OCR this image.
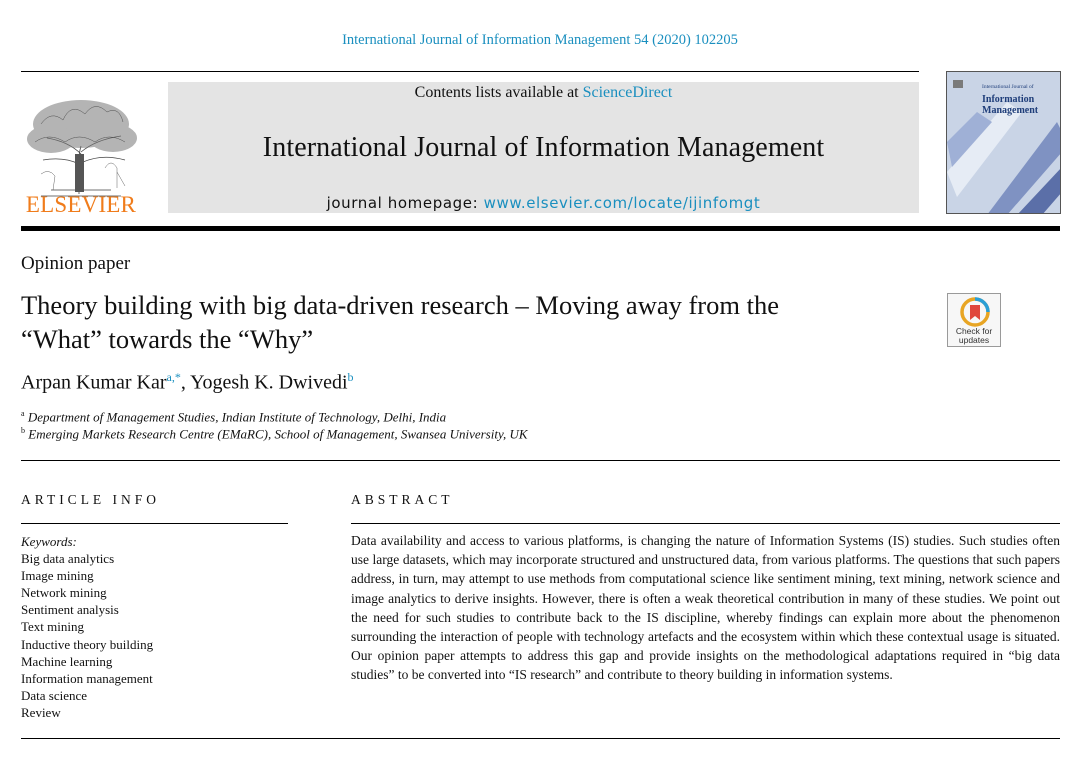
International Journal of Information Management 54 (2020) 102205
ELSEVIER
Contents lists available at ScienceDirect
International Journal of Information Management
journal homepage: www.elsevier.com/locate/ijinfomgt
International Journal of
Information
Management
Opinion paper
Theory building with big data-driven research – Moving away from the
“What” towards the “Why”	Check for
updates
Arpan Kumar Kar$^{a,*}$, Yogesh K. Dwivedi$^b$
$^a$ Department of Management Studies, Indian Institute of Technology, Delhi, India
$^b$ Emerging Markets Research Centre (EMaRC), School of Management, Swansea University, UK
ARTICLE INFO	ABSTRACT
Keywords:
Big data analytics
Image mining
Network mining
Sentiment analysis
Text mining
Inductive theory building
Machine learning
Information management
Data science
Review
Data availability and access to various platforms, is changing the nature of Information Systems (IS) studies. Such studies often use large datasets, which may incorporate structured and unstructured data, from various platforms. The questions that such papers address, in turn, may attempt to use methods from computational science like sentiment mining, text mining, network science and image analytics to derive insights. However, there is often a weak theoretical contribution in many of these studies. We point out the need for such studies to contribute back to the IS discipline, whereby findings can explain more about the phenomenon surrounding the interaction of people with technology artefacts and the ecosystem within which these contextual usage is situated. Our opinion paper attempts to address this gap and provide insights on the methodological adaptations required in “big data studies” to be converted into “IS research” and contribute to theory building in information systems.
